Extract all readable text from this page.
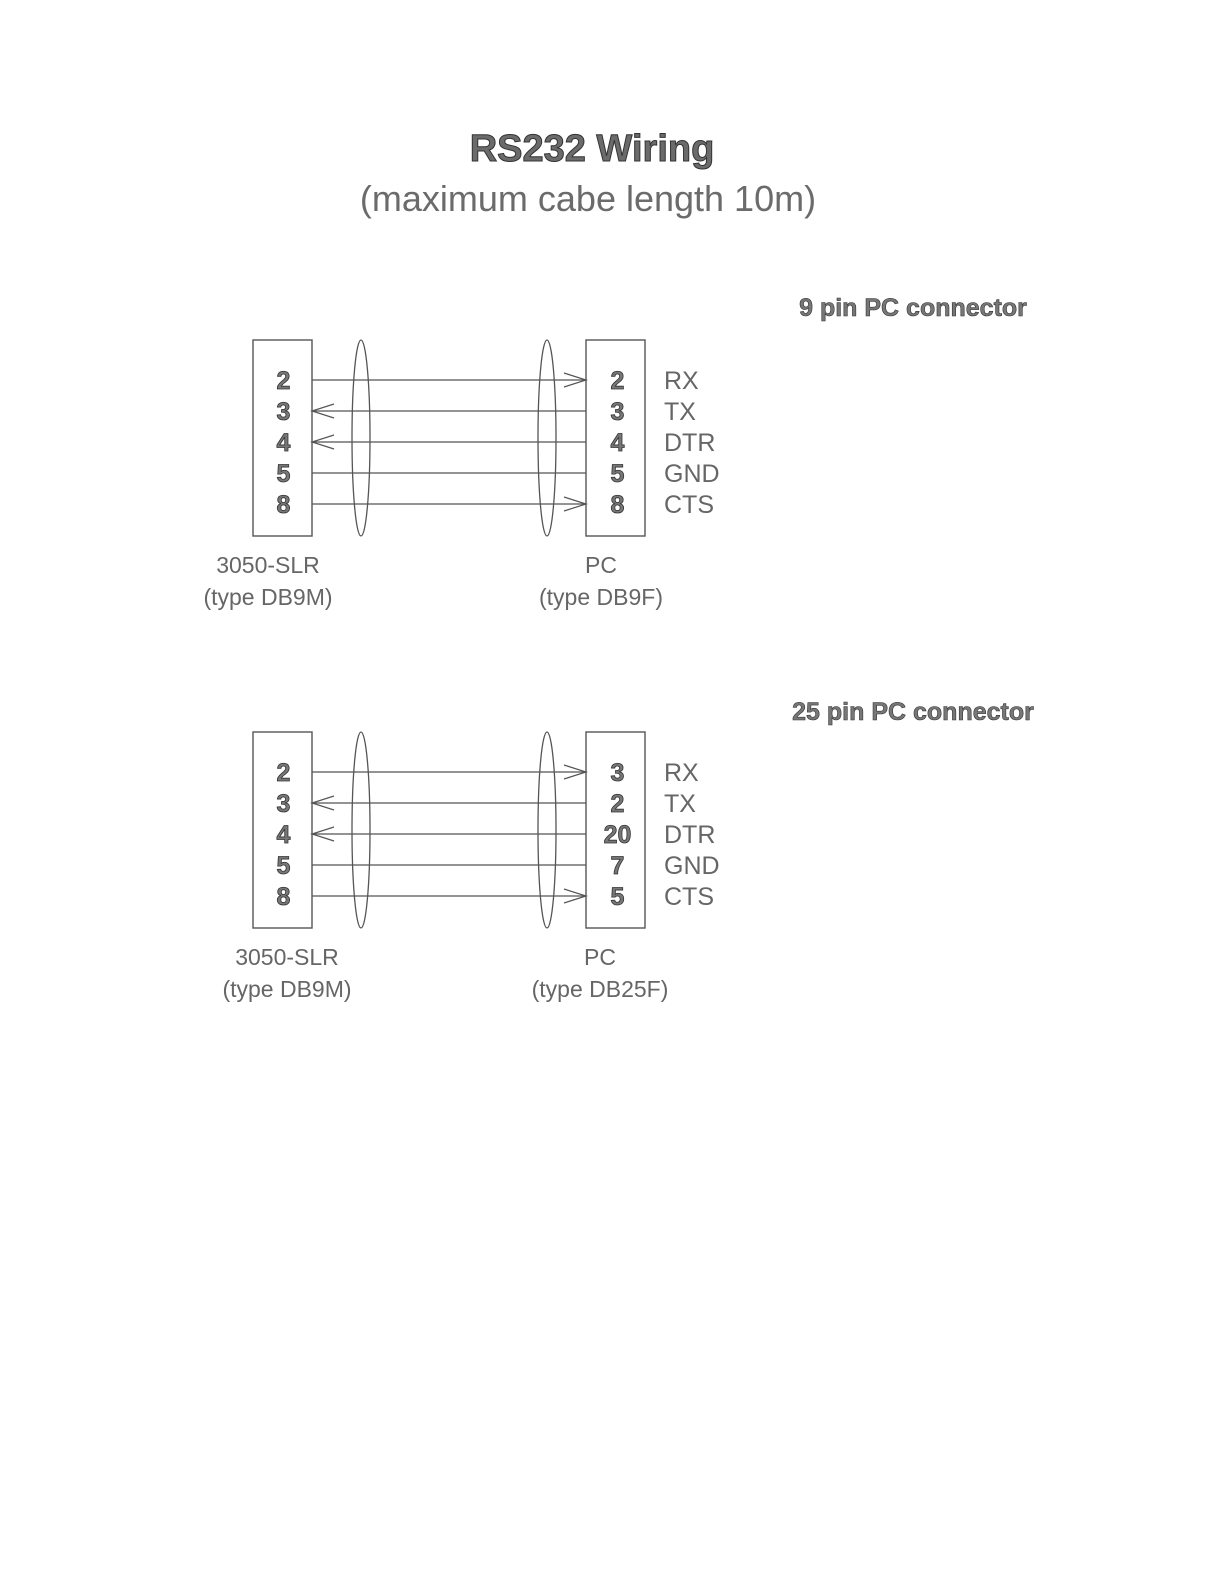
RS232 Wiring
(maximum cabe length 10m)
9 pin PC connector
2	2 RX
3	3 TX
4	4 DTR
5	5 GND
8	8 CTS
3050-SLR
(type DB9M)
PC
(type DB9F)
25 pin PC connector
2	3 RX
3	2 TX
4	20 DTR
5	7 GND
8	5 CTS
3050-SLR
(type DB9M)
PC
(type DB25F)
